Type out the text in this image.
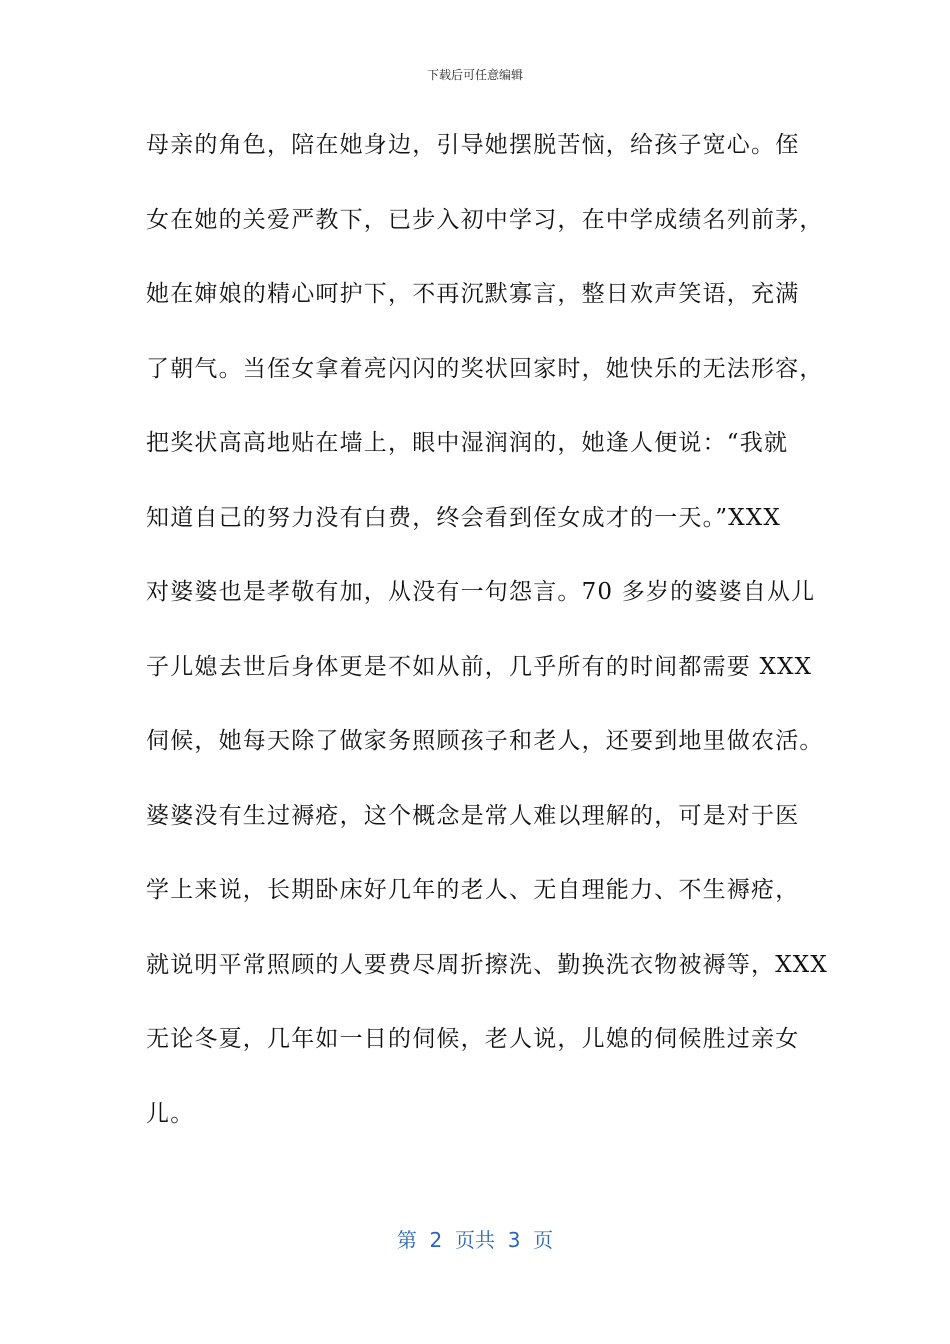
下载后可任意编辑
母亲的角色，陪在她身边，引导她摆脱苦恼，给孩子宽心。侄
女在她的关爱严教下，已步入初中学习，在中学成绩名列前茅，
她在婶娘的精心呵护下，不再沉默寡言，整日欢声笑语，充满
了朝气。当侄女拿着亮闪闪的奖状回家时，她快乐的无法形容，
把奖状高高地贴在墙上，眼中湿润润的，她逢人便说：“我就
知道自己的努力没有白费，终会看到侄女成才的一天。”XXX
对婆婆也是孝敬有加，从没有一句怨言。70 多岁的婆婆自从儿
子儿媳去世后身体更是不如从前，几乎所有的时间都需要 XXX
伺候，她每天除了做家务照顾孩子和老人，还要到地里做农活。
婆婆没有生过褥疮，这个概念是常人难以理解的，可是对于医
学上来说，长期卧床好几年的老人、无自理能力、不生褥疮，
就说明平常照顾的人要费尽周折擦洗、勤换洗衣物被褥等，XXX
无论冬夏，几年如一日的伺候，老人说，儿媳的伺候胜过亲女
儿。
第  2  页共  3  页
